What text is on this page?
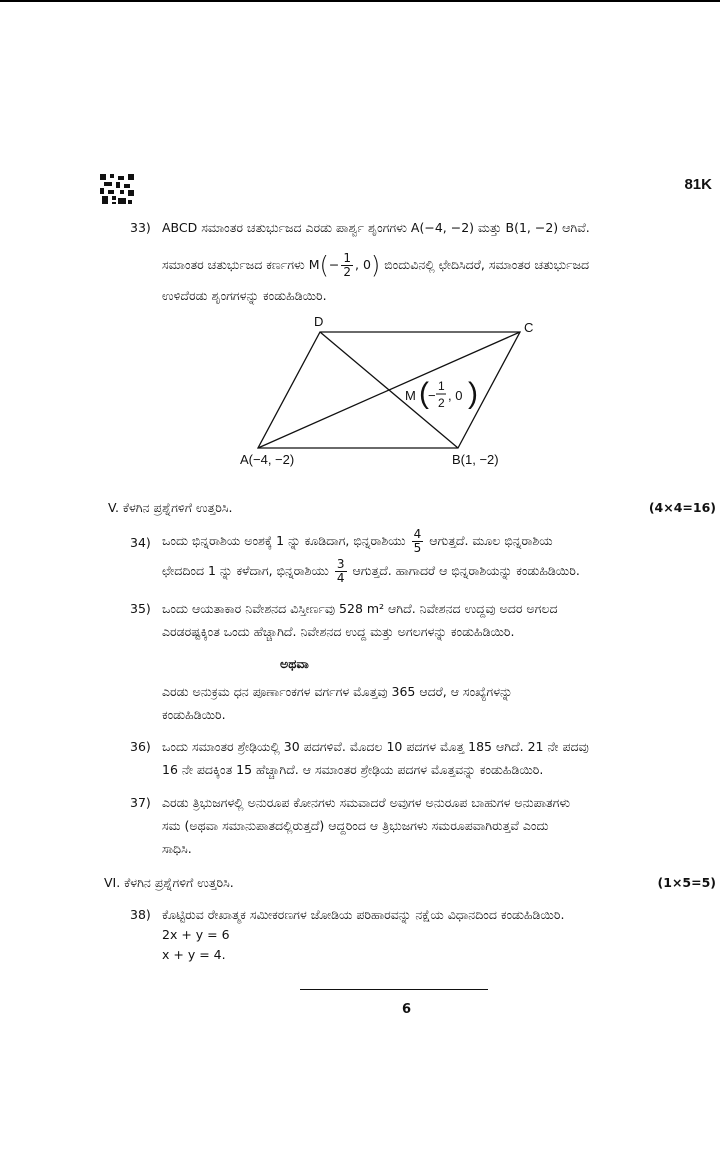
81K
33) ABCD ಸಮಾಂತರ ಚತುರ್ಭುಜದ ಎರಡು ಪಾರ್ಶ್ವ ಶೃಂಗಗಳು A(−4, −2) ಮತ್ತು B(1, −2) ಆಗಿವೆ.
ಸಮಾಂತರ ಚತುರ್ಭುಜದ ಕರ್ಣಗಳು $M(- \frac{1}{2}$ , 0) ಬಿಂದುವಿನಲ್ಲಿ ಛೇದಿಸಿದರೆ, ಸಮಾಂತರ ಚತುರ್ಭುಜದ
ಉಳಿದೆರಡು ಶೃಂಗಗಳನ್ನು ಕಂಡುಹಿಡಿಯಿರಿ.
D	C
A(−4, −2)	B(1, −2)
M ( −
1
2 , 0 )
V. ಕೆಳಗಿನ ಪ್ರಶ್ನೆಗಳಿಗೆ ಉತ್ತರಿಸಿ.	(4×4=16)
34) ಒಂದು ಭಿನ್ನರಾಶಿಯ ಅಂಶಕ್ಕೆ 1 ನ್ನು ಕೂಡಿದಾಗ, ಭಿನ್ನರಾಶಿಯು $\frac{4}{5}$ ಆಗುತ್ತದೆ. ಮೂಲ ಭಿನ್ನರಾಶಿಯ
ಛೇದದಿಂದ 1 ನ್ನು ಕಳೆದಾಗ, ಭಿನ್ನರಾಶಿಯು $\frac{3}{4}$ ಆಗುತ್ತದೆ. ಹಾಗಾದರೆ ಆ ಭಿನ್ನರಾಶಿಯನ್ನು ಕಂಡುಹಿಡಿಯಿರಿ.
35) ಒಂದು ಆಯತಾಕಾರ ನಿವೇಶನದ ವಿಸ್ತೀರ್ಣವು 528 m² ಆಗಿದೆ. ನಿವೇಶನದ ಉದ್ದವು ಅದರ ಅಗಲದ
ಎರಡರಷ್ಟಕ್ಕಿಂತ ಒಂದು ಹೆಚ್ಚಾಗಿದೆ. ನಿವೇಶನದ ಉದ್ದ ಮತ್ತು ಅಗಲಗಳನ್ನು ಕಂಡುಹಿಡಿಯಿರಿ.
ಅಥವಾ
ಎರಡು ಅನುಕ್ರಮ ಧನ ಪೂರ್ಣಾಂಕಗಳ ವರ್ಗಗಳ ಮೊತ್ತವು 365 ಆದರೆ, ಆ ಸಂಖ್ಯೆಗಳನ್ನು
ಕಂಡುಹಿಡಿಯಿರಿ.
36) ಒಂದು ಸಮಾಂತರ ಶ್ರೇಢಿಯಲ್ಲಿ 30 ಪದಗಳಿವೆ. ಮೊದಲ 10 ಪದಗಳ ಮೊತ್ತ 185 ಆಗಿದೆ. 21 ನೇ ಪದವು
16 ನೇ ಪದಕ್ಕಿಂತ 15 ಹೆಚ್ಚಾಗಿದೆ. ಆ ಸಮಾಂತರ ಶ್ರೇಢಿಯ ಪದಗಳ ಮೊತ್ತವನ್ನು ಕಂಡುಹಿಡಿಯಿರಿ.
37) ಎರಡು ತ್ರಿಭುಜಗಳಲ್ಲಿ ಅನುರೂಪ ಕೋನಗಳು ಸಮವಾದರೆ ಅವುಗಳ ಅನುರೂಪ ಬಾಹುಗಳ ಅನುಪಾತಗಳು
ಸಮ (ಅಥವಾ ಸಮಾನುಪಾತದಲ್ಲಿರುತ್ತದೆ) ಆದ್ದರಿಂದ ಆ ತ್ರಿಭುಜಗಳು ಸಮರೂಪವಾಗಿರುತ್ತವೆ ಎಂದು
ಸಾಧಿಸಿ.
VI. ಕೆಳಗಿನ ಪ್ರಶ್ನೆಗಳಿಗೆ ಉತ್ತರಿಸಿ.	(1×5=5)
38) ಕೊಟ್ಟಿರುವ ರೇಖಾತ್ಮಕ ಸಮೀಕರಣಗಳ ಜೋಡಿಯ ಪರಿಹಾರವನ್ನು ನಕ್ಷೆಯ ವಿಧಾನದಿಂದ ಕಂಡುಹಿಡಿಯಿರಿ.
2x + y = 6
x + y = 4.
6
